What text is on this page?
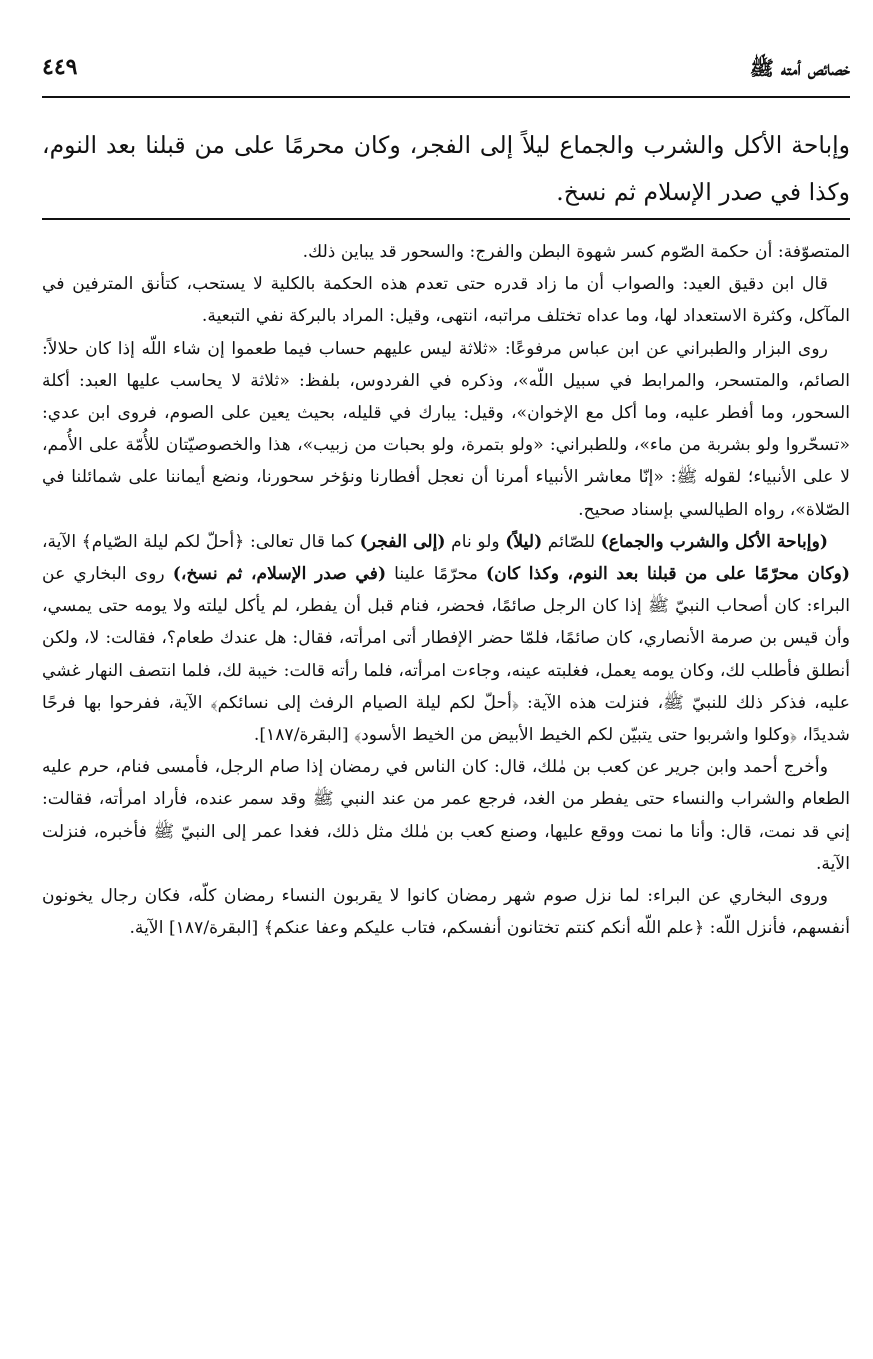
خصائص أمته ﷺ
٤٤٩
وإباحة الأكل والشرب والجماع ليلاً إلى الفجر، وكان محرمًا على من قبلنا بعد النوم، وكذا في صدر الإسلام ثم نسخ.

المتصوّفة: أن حكمة الصّوم كسر شهوة البطن والفرج: والسحور قد يباين ذلك.

قال ابن دقيق العيد: والصواب أن ما زاد قدره حتى تعدم هذه الحكمة بالكلية لا يستحب، كتأنق المترفين في المآكل، وكثرة الاستعداد لها، وما عداه تختلف مراتبه، انتهى، وقيل: المراد بالبركة نفي التبعية.

روى البزار والطبراني عن ابن عباس مرفوعًا: «ثلاثة ليس عليهم حساب فيما طعموا إن شاء اللّه إذا كان حلالاً: الصائم، والمتسحر، والمرابط في سبيل اللّه»، وذكره في الفردوس، بلفظ: «ثلاثة لا يحاسب عليها العبد: أكلة السحور، وما أفطر عليه، وما أكل مع الإخوان»، وقيل: يبارك في قليله، بحيث يعين على الصوم، فروى ابن عدي: «تسحّروا ولو بشربة من ماء»، وللطبراني: «ولو بتمرة، ولو بحبات من زبيب»، هذا والخصوصيّتان للأُمّة على الأُمم، لا على الأنبياء؛ لقوله ﷺ: «إنّا معاشر الأنبياء أمرنا أن نعجل أفطارنا ونؤخر سحورنا، ونضع أيماننا على شمائلنا في الصّلاة»، رواه الطيالسي بإسناد صحيح.

(وإباحة الأكل والشرب والجماع) للصّائم (ليلاً) ولو نام (إلى الفجر) كما قال تعالى: ﴿أحلّ لكم ليلة الصّيام﴾ الآية، (وكان محرّمًا على من قبلنا بعد النوم، وكذا كان) محرّمًا علينا (في صدر الإسلام، ثم نسخ،) روى البخاري عن البراء: كان أصحاب النبيّ ﷺ إذا كان الرجل صائمًا، فحضر، فنام قبل أن يفطر، لم يأكل ليلته ولا يومه حتى يمسي، وأن قيس بن صرمة الأنصاري، كان صائمًا، فلمّا حضر الإفطار أتى امرأته، فقال: هل عندك طعام؟، فقالت: لا، ولكن أنطلق فأطلب لك، وكان يومه يعمل، فغلبته عينه، وجاءت امرأته، فلما رأته قالت: خيبة لك، فلما انتصف النهار غشي عليه، فذكر ذلك للنبيّ ﷺ، فنزلت هذه الآية: ﴿أحلّ لكم ليلة الصيام الرفث إلى نسائكم﴾ الآية، ففرحوا بها فرحًا شديدًا، ﴿وكلوا واشربوا حتى يتبيّن لكم الخيط الأبيض من الخيط الأسود﴾ [البقرة/١٨٧].

وأخرج أحمد وابن جرير عن كعب بن مٰلك، قال: كان الناس في رمضان إذا صام الرجل، فأمسى فنام، حرم عليه الطعام والشراب والنساء حتى يفطر من الغد، فرجع عمر من عند النبي ﷺ وقد سمر عنده، فأراد امرأته، فقالت: إني قد نمت، قال: وأنا ما نمت ووقع عليها، وصنع كعب بن مٰلك مثل ذلك، فغدا عمر إلى النبيّ ﷺ فأخبره، فنزلت الآية.

وروى البخاري عن البراء: لما نزل صوم شهر رمضان كانوا لا يقربون النساء رمضان كلّه، فكان رجال يخونون أنفسهم، فأنزل اللّه: ﴿علم اللّه أنكم كنتم تختانون أنفسكم، فتاب عليكم وعفا عنكم﴾ [البقرة/١٨٧] الآية.
